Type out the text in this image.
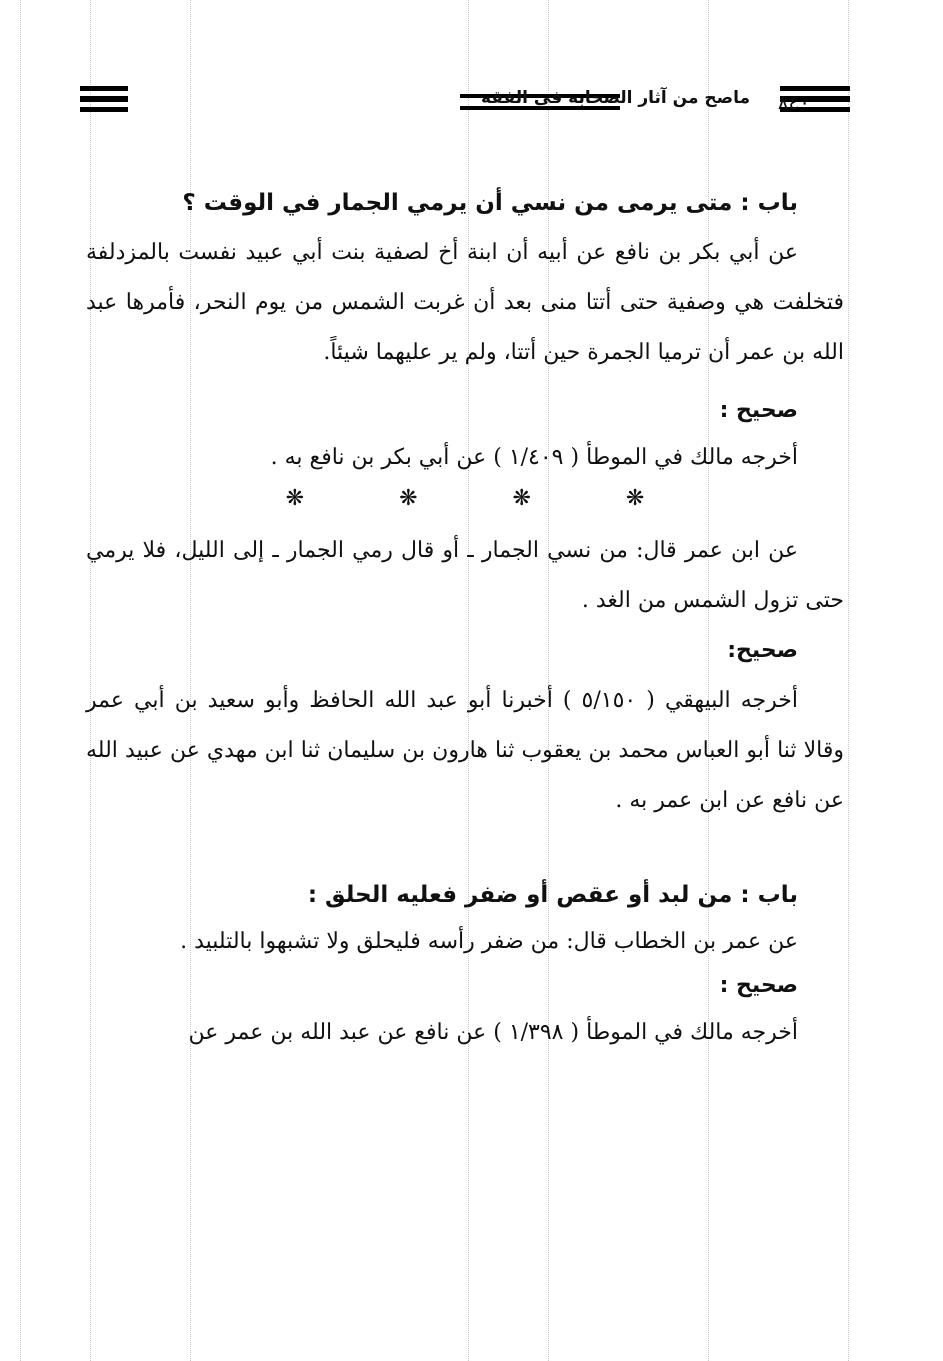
ماصح من آثار الصحابة في الفقه ٨٤٠

باب : متى يرمى من نسي أن يرمي الجمار في الوقت ؟

عن أبي بكر بن نافع عن أبيه أن ابنة أخ لصفية بنت أبي عبيد نفست بالمزدلفة فتخلفت هي وصفية حتى أتتا منى بعد أن غربت الشمس من يوم النحر، فأمرها عبد الله بن عمر أن ترميا الجمرة حين أتتا، ولم ير عليهما شيئاً.

صحيح :

أخرجه مالك في الموطأ ( ١/٤٠٩ ) عن أبي بكر بن نافع به .

❋ ❋ ❋ ❋

عن ابن عمر قال: من نسي الجمار ـ أو قال رمي الجمار ـ إلى الليل، فلا يرمي حتى تزول الشمس من الغد .

صحيح:

أخرجه البيهقي ( ٥/١٥٠ ) أخبرنا أبو عبد الله الحافظ وأبو سعيد بن أبي عمر وقالا ثنا أبو العباس محمد بن يعقوب ثنا هارون بن سليمان ثنا ابن مهدي عن عبيد الله عن نافع عن ابن عمر به .

باب : من لبد أو عقص أو ضفر فعليه الحلق :

عن عمر بن الخطاب قال: من ضفر رأسه فليحلق ولا تشبهوا بالتلبيد .

صحيح :

أخرجه مالك في الموطأ ( ١/٣٩٨ ) عن نافع عن عبد الله بن عمر عن
